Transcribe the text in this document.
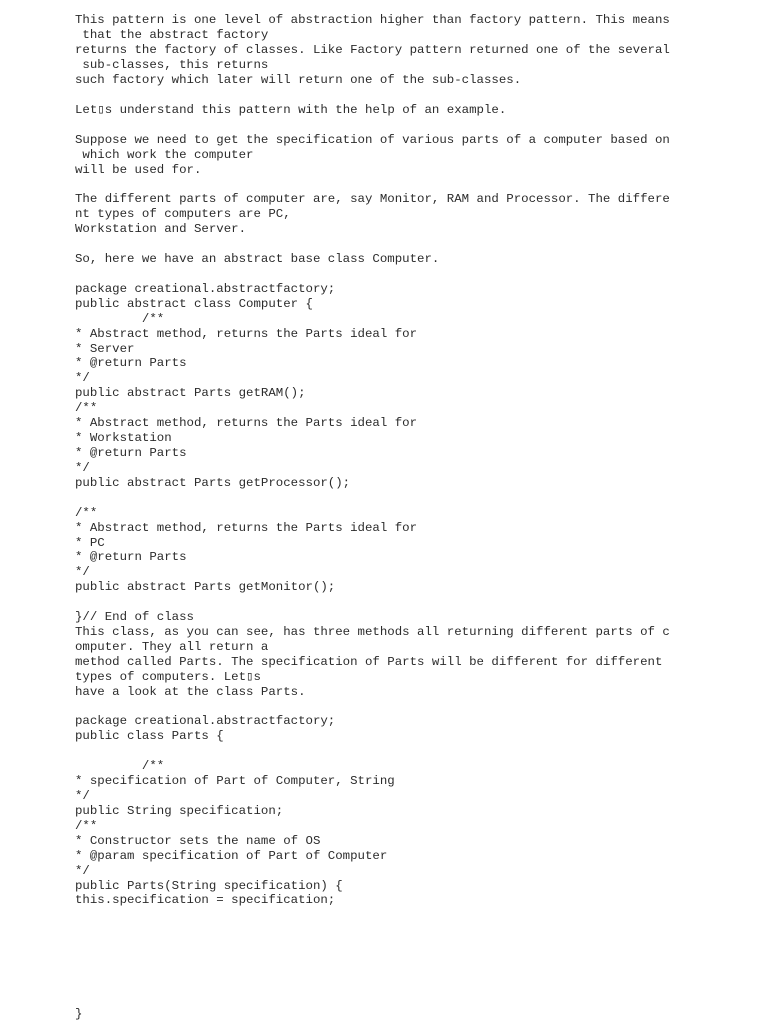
This pattern is one level of abstraction higher than factory pattern. This means

that the abstract factory

returns the factory of classes. Like Factory pattern returned one of the several

sub-classes, this returns

such factory which later will return one of the sub-classes.

Let▯s understand this pattern with the help of an example.

Suppose we need to get the specification of various parts of a computer based on

which work the computer

will be used for.

The different parts of computer are, say Monitor, RAM and Processor. The differe

nt types of computers are PC,

Workstation and Server.

So, here we have an abstract base class Computer.

package creational.abstractfactory;

public abstract class Computer {

/**

* Abstract method, returns the Parts ideal for

* Server

* @return Parts

*/

public abstract Parts getRAM();

/**

* Abstract method, returns the Parts ideal for

* Workstation

* @return Parts

*/

public abstract Parts getProcessor();

/**

* Abstract method, returns the Parts ideal for

* PC

* @return Parts

*/

public abstract Parts getMonitor();

}// End of class

This class, as you can see, has three methods all returning different parts of c

omputer. They all return a

method called Parts. The specification of Parts will be different for different

types of computers. Let▯s

have a look at the class Parts.

package creational.abstractfactory;

public class Parts {

/**

* specification of Part of Computer, String

*/

public String specification;

/**

* Constructor sets the name of OS

* @param specification of Part of Computer

*/

public Parts(String specification) {

this.specification = specification;

}
